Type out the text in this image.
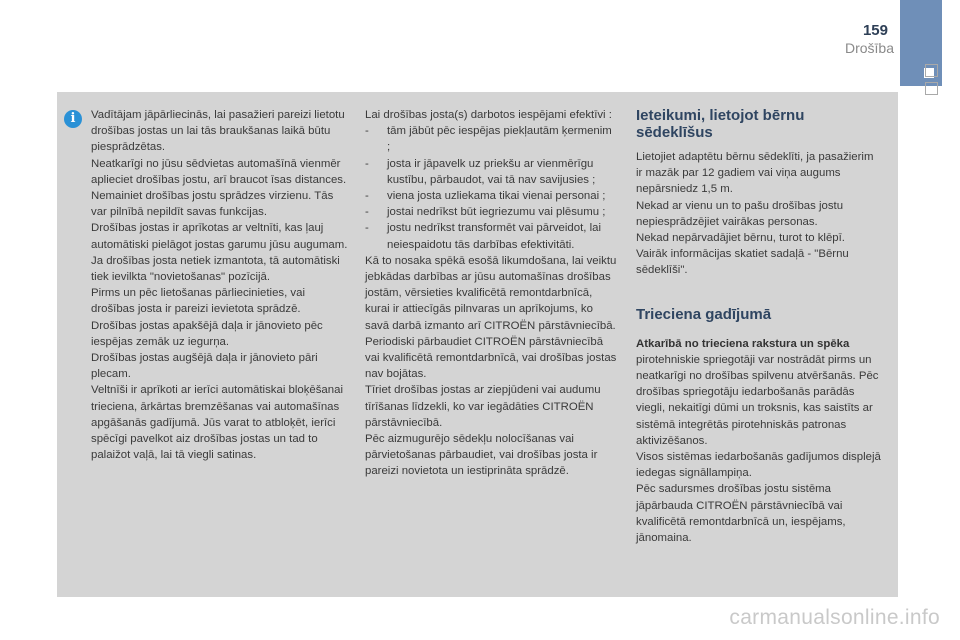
159
Drošība
i	Vadītājam jāpārliecinās, lai pasažieri pareizi lietotu drošības jostas un lai tās braukšanas laikā būtu piesprādzētas.

Neatkarīgi no jūsu sēdvietas automašīnā vienmēr aplieciet drošības jostu, arī braucot īsas distances.

Nemainiet drošības jostu sprādzes virzienu. Tās var pilnībā nepildīt savas funkcijas.

Drošības jostas ir aprīkotas ar veltnīti, kas ļauj automātiski pielāgot jostas garumu jūsu augumam. Ja drošības josta netiek izmantota, tā automātiski tiek ievilkta "novietošanas" pozīcijā.

Pirms un pēc lietošanas pārliecinieties, vai drošības josta ir pareizi ievietota sprādzē.

Drošības jostas apakšējā daļa ir jānovieto pēc iespējas zemāk uz iegurņa.

Drošības jostas augšējā daļa ir jānovieto pāri plecam.

Veltnīši ir aprīkoti ar ierīci automātiskai bloķēšanai trieciena, ārkārtas bremzēšanas vai automašīnas apgāšanās gadījumā. Jūs varat to atbloķēt, ierīci spēcīgi pavelkot aiz drošības jostas un tad to palaižot vaļā, lai tā viegli satinas.

Lai drošības josta(s) darbotos iespējami efektīvi :

- tām jābūt pēc iespējas piekļautām ķermenim ;

- josta ir jāpavelk uz priekšu ar vienmērīgu kustību, pārbaudot, vai tā nav savijusies ;

- viena josta uzliekama tikai vienai personai ;

- jostai nedrīkst būt iegriezumu vai plēsumu ;

- jostu nedrīkst transformēt vai pārveidot, lai neiespaidotu tās darbības efektivitāti.

Kā to nosaka spēkā esošā likumdošana, lai veiktu jebkādas darbības ar jūsu automašīnas drošības jostām, vērsieties kvalificētā remontdarbnīcā, kurai ir attiecīgās pilnvaras un aprīkojums, ko savā darbā izmanto arī CITROËN pārstāvniecībā.

Periodiski pārbaudiet CITROËN pārstāvniecībā vai kvalificētā remontdarbnīcā, vai drošības jostas nav bojātas.

Tīriet drošības jostas ar ziepjūdeni vai audumu tīrīšanas līdzekli, ko var iegādāties CITROËN pārstāvniecībā.

Pēc aizmugurējo sēdekļu nolocīšanas vai pārvietošanas pārbaudiet, vai drošības josta ir pareizi novietota un iestiprināta sprādzē.

Ieteikumi, lietojot bērnu sēdeklīšus

Lietojiet adaptētu bērnu sēdeklīti, ja pasažierim ir mazāk par 12 gadiem vai viņa augums nepārsniedz 1,5 m.

Nekad ar vienu un to pašu drošības jostu nepiesprādzējiet vairākas personas.

Nekad nepārvadājiet bērnu, turot to klēpī.

Vairāk informācijas skatiet sadaļā - "Bērnu sēdeklīši".

Trieciena gadījumā

Atkarībā no trieciena rakstura un spēka pirotehniskie spriegotāji var nostrādāt pirms un neatkarīgi no drošības spilvenu atvēršanās. Pēc drošības spriegotāju iedarbošanās parādās viegli, nekaitīgi dūmi un troksnis, kas saistīts ar sistēmā integrētās pirotehniskās patronas aktivizēšanos.

Visos sistēmas iedarbošanās gadījumos displejā iedegas signāllampiņa.

Pēc sadursmes drošības jostu sistēma jāpārbauda CITROËN pārstāvniecībā vai kvalificētā remontdarbnīcā un, iespējams, jānomaina.

carmanualsonline.info
